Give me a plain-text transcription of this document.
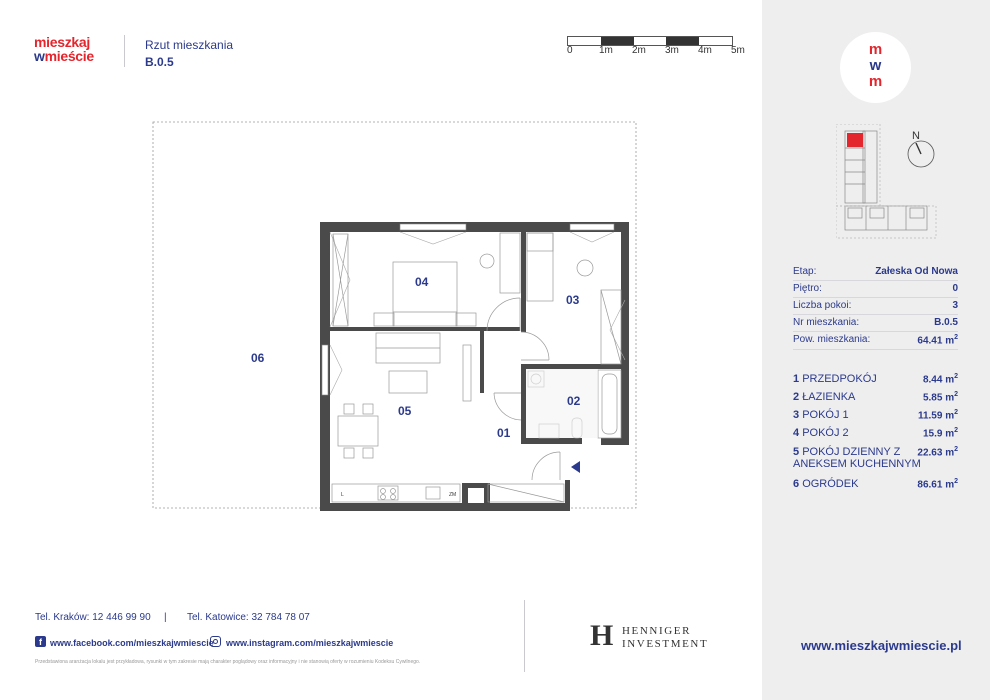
mieszkaj
wmieście
Rzut mieszkania
B.0.5
0	1m 2m 3m 4m 5m
01
02
03
04
05
06
L	ZM
Tel. Kraków: 12 446 99 90 | Tel. Katowice: 32 784 78 07
f www.facebook.com/mieszkajwmiescie www.instagram.com/mieszkajwmiescie
Przedstawiona aranżacja lokalu jest przykładowa, rysunki w tym zakresie mają charakter poglądowy oraz informacyjny i nie stanowią oferty w rozumieniu Kodeksu Cywilnego.
H HENNIGER
INVESTMENT
m
w
m
N
Etap:	Załeska Od Nowa
Piętro:	0
Liczba pokoi:	3
Nr mieszkania:	B.0.5
Pow. mieszkania:	64.41 $m^2$
1 PRZEDPOKÓJ	8.44 $m^2$
2 ŁAZIENKA	5.85 $m^2$
3 POKÓJ 1	11.59 $m^2$
4 POKÓJ 2	15.9 $m^2$
5 POKÓJ DZIENNY Z
ANEKSEM KUCHENNYM
22.63 $m^2$
6 OGRÓDEK	86.61 $m^2$
www.mieszkajwmiescie.pl
